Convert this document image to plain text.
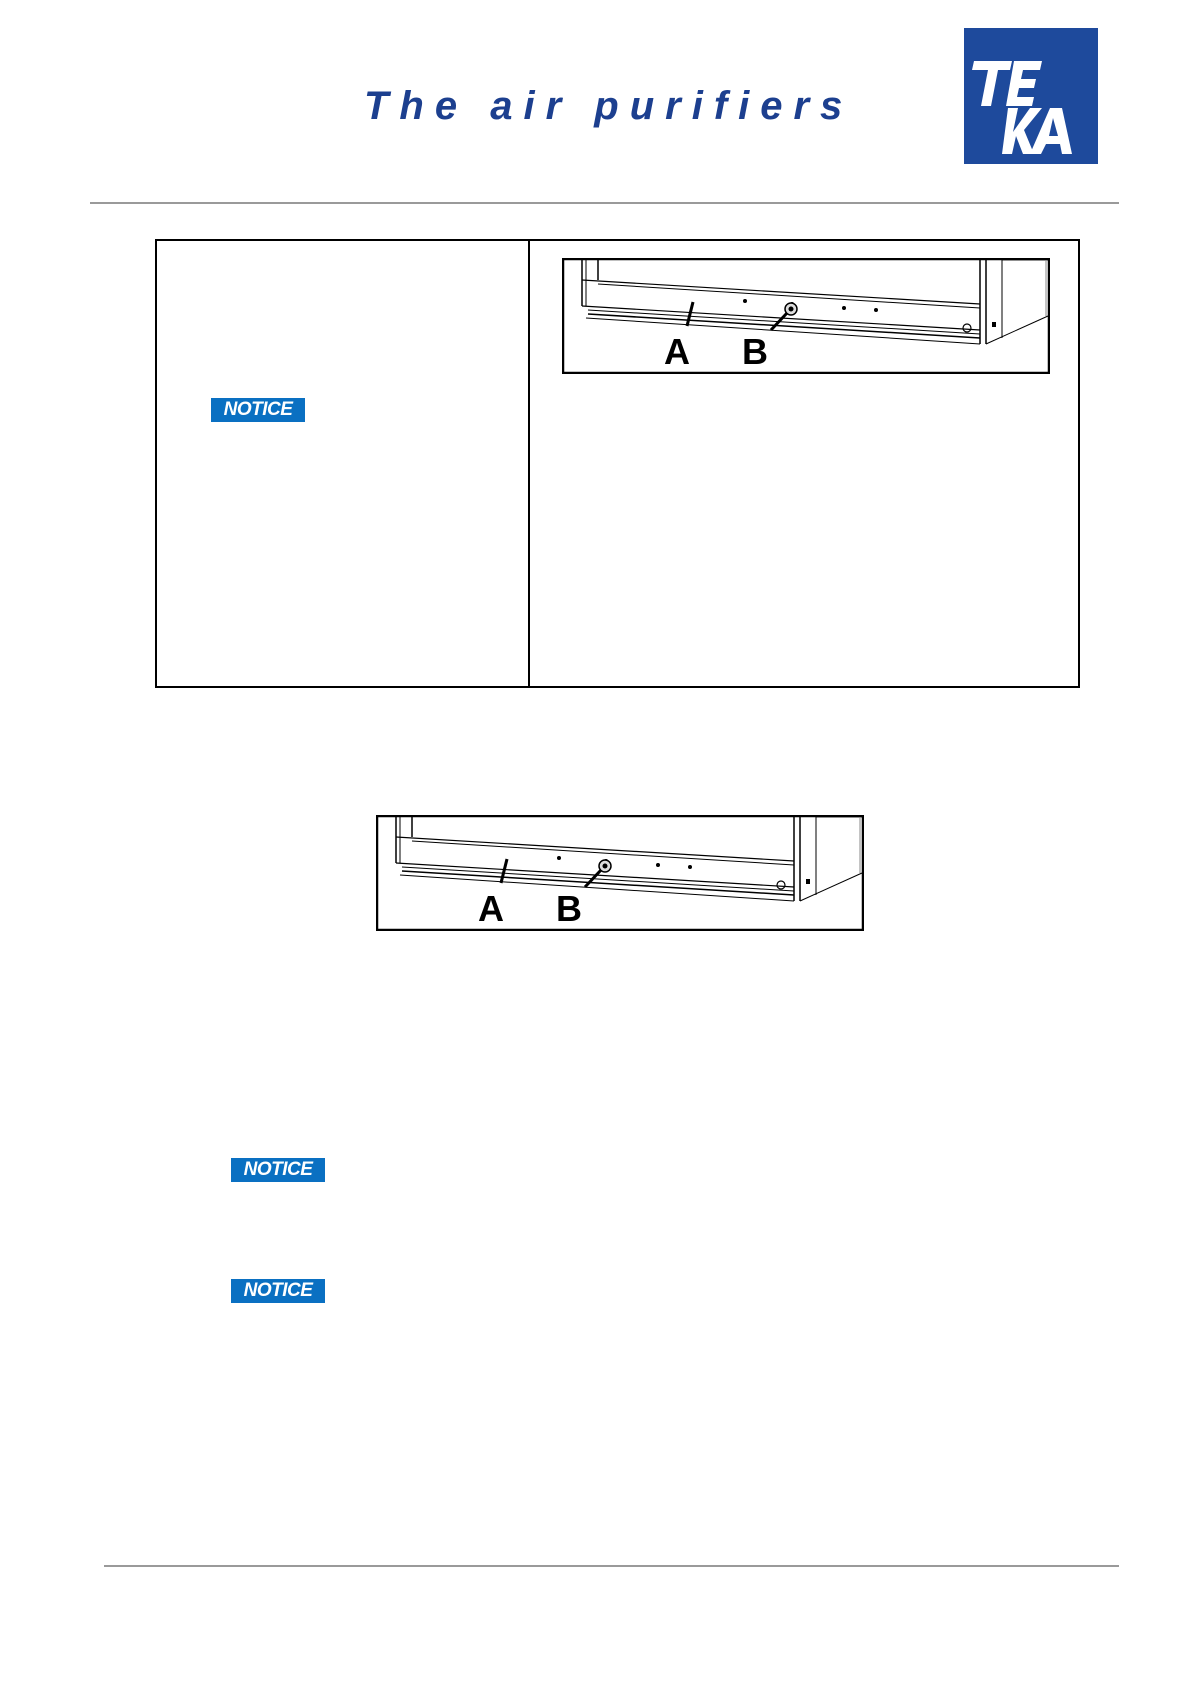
The air purifiers
A B
NOTICE
A B
NOTICE
NOTICE
